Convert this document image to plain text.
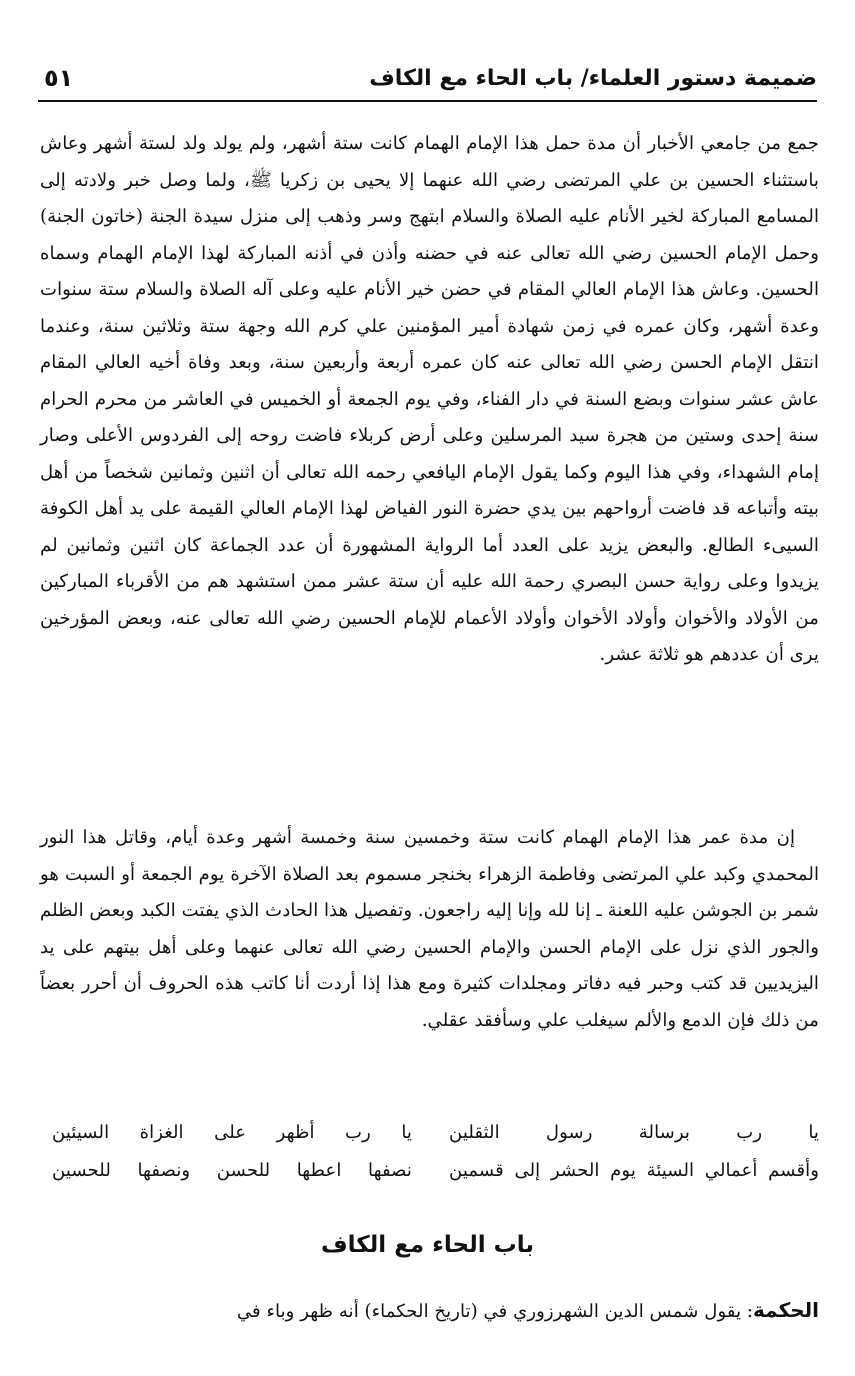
ضميمة دستور العلماء/ باب الحاء مع الكاف
٥١

جمع من جامعي الأخبار أن مدة حمل هذا الإمام الهمام كانت ستة أشهر، ولم يولد ولد لستة أشهر وعاش باستثناء الحسين بن علي المرتضى رضي الله عنهما إلا يحيى بن زكريا ﷺ، ولما وصل خبر ولادته إلى المسامع المباركة لخير الأنام عليه الصلاة والسلام ابتهج وسر وذهب إلى منزل سيدة الجنة (خاتون الجنة) وحمل الإمام الحسين رضي الله تعالى عنه في حضنه وأذن في أذنه المباركة لهذا الإمام الهمام وسماه الحسين. وعاش هذا الإمام العالي المقام في حضن خير الأنام عليه وعلى آله الصلاة والسلام ستة سنوات وعدة أشهر، وكان عمره في زمن شهادة أمير المؤمنين علي كرم الله وجهة ستة وثلاثين سنة، وعندما انتقل الإمام الحسن رضي الله تعالى عنه كان عمره أربعة وأربعين سنة، وبعد وفاة أخيه العالي المقام عاش عشر سنوات وبضع السنة في دار الفناء، وفي يوم الجمعة أو الخميس في العاشر من محرم الحرام سنة إحدى وستين من هجرة سيد المرسلين وعلى أرض كربلاء فاضت روحه إلى الفردوس الأعلى وصار إمام الشهداء، وفي هذا اليوم وكما يقول الإمام اليافعي رحمه الله تعالى أن اثنين وثمانين شخصاً من أهل بيته وأتباعه قد فاضت أرواحهم بين يدي حضرة النور الفياض لهذا الإمام العالي القيمة على يد أهل الكوفة السيىء الطالع. والبعض يزيد على العدد أما الرواية المشهورة أن عدد الجماعة كان اثنين وثمانين لم يزيدوا وعلى رواية حسن البصري رحمة الله عليه أن ستة عشر ممن استشهد هم من الأقرباء المباركين من الأولاد والأخوان وأولاد الأخوان وأولاد الأعمام للإمام الحسين رضي الله تعالى عنه، وبعض المؤرخين يرى أن عددهم هو ثلاثة عشر.

إن مدة عمر هذا الإمام الهمام كانت ستة وخمسين سنة وخمسة أشهر وعدة أيام، وقاتل هذا النور المحمدي وكبد علي المرتضى وفاطمة الزهراء بخنجر مسموم بعد الصلاة الآخرة يوم الجمعة أو السبت هو شمر بن الجوشن عليه اللعنة ـ إنا لله وإنا إليه راجعون. وتفصيل هذا الحادث الذي يفتت الكبد وبعض الظلم والجور الذي نزل على الإمام الحسن والإمام الحسين رضي الله تعالى عنهما وعلى أهل بيتهم على يد اليزيديين قد كتب وحبر فيه دفاتر ومجلدات كثيرة ومع هذا إذا أردت أنا كاتب هذه الحروف أن أحرر بعضاً من ذلك فإن الدمع والألم سيغلب علي وسأفقد عقلي.

يا رب برسالة رسول الثقلين
يا رب أظهر على الغزاة السيئين
وأقسم أعمالي السيئة يوم الحشر إلى قسمين
نصفها اعطها للحسن ونصفها للحسين
باب الحاء مع الكاف
الحكمة: يقول شمس الدين الشهرزوري في (تاريخ الحكماء) أنه ظهر وباء في
